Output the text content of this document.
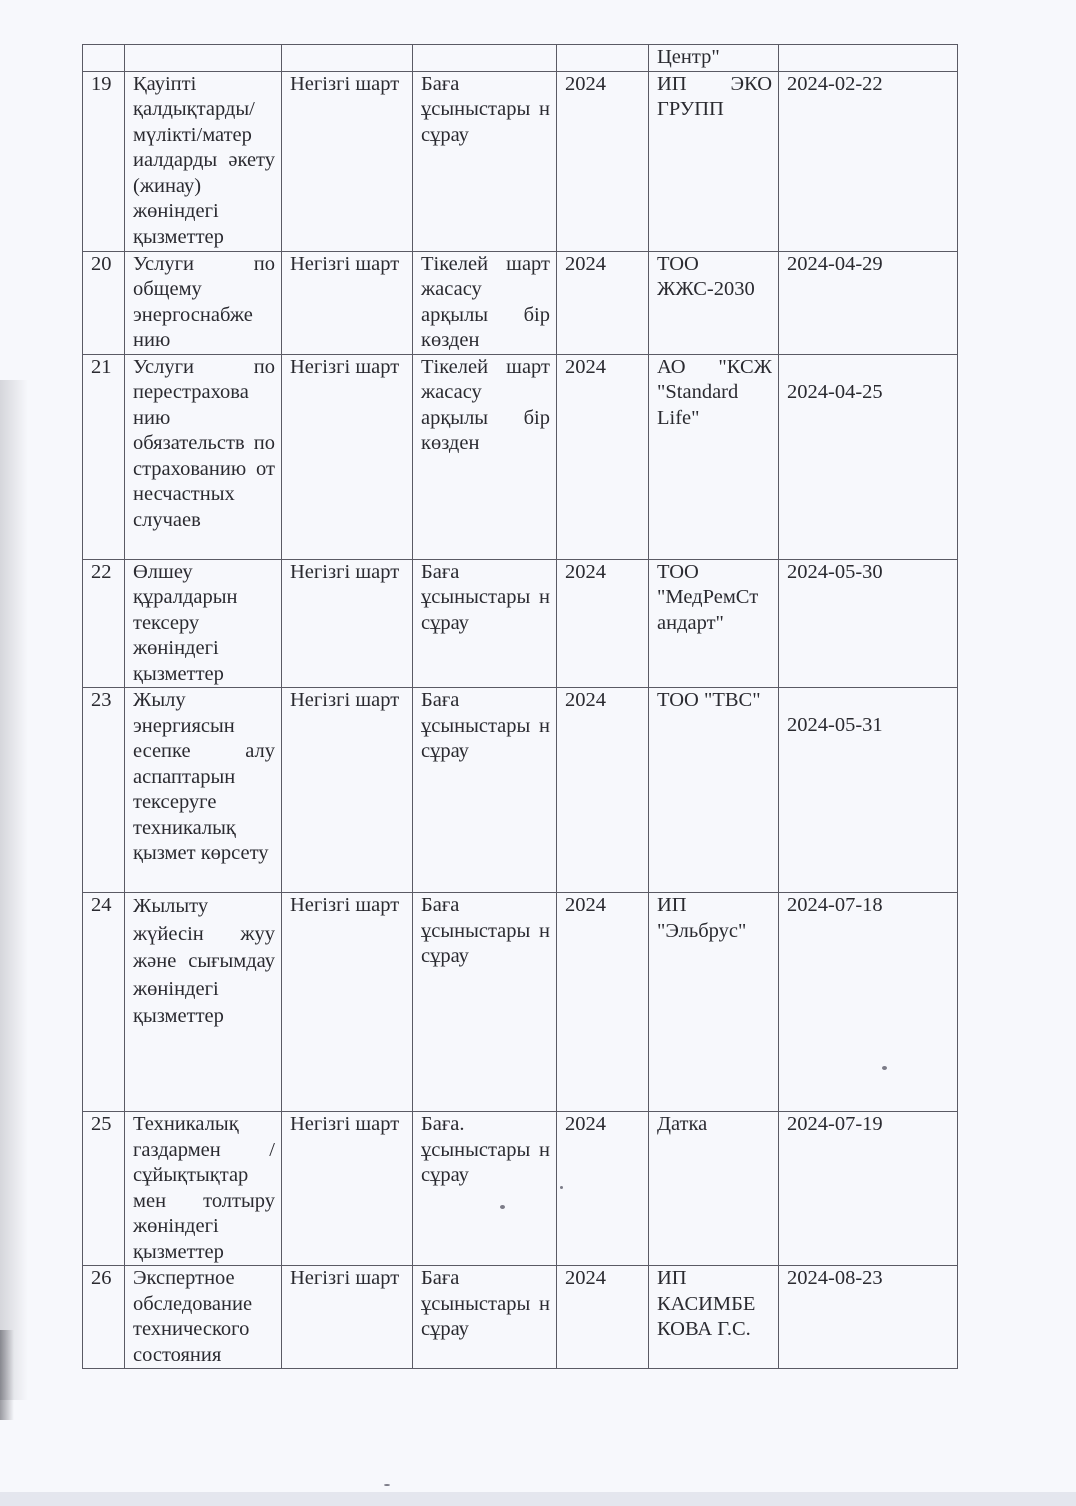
					Центр"	
19	Қауіпті қалдықтарды/ мүлікті/матер иалдарды әкету (жинау) жөніндегі қызметтер	Негізгі шарт	Баға ұсыныстары н сұрау	2024	ИП ЭКО ГРУПП	2024-02-22
20	Услуги по общему энергоснабже нию	Негізгі шарт	Тікелей шарт жасасу арқылы бір көзден	2024	ТОО ЖЖС-2030	2024-04-29
21	Услуги по перестрахова нию обязательств по страхованию от несчастных случаев	Негізгі шарт	Тікелей шарт жасасу арқылы бір көзден	2024	АО "КСЖ "Standard Life"	2024-04-25

22	Өлшеу құралдарын тексеру жөніндегі қызметтер	Негізгі шарт	Баға ұсыныстары н сұрау	2024	ТОО "МедРемСт андарт"	2024-05-30
23	Жылу энергиясын есепке алу аспаптарын тексеруге техникалық қызмет көрсету	Негізгі шарт	Баға ұсыныстары н сұрау	2024	ТОО "ТВС"	2024-05-31

24	Жылыту жүйесін жуу және сығымдау жөніндегі қызметтер	Негізгі шарт	Баға ұсыныстары н сұрау	2024	ИП "Эльбрус"	2024-07-18
25	Техникалық газдармен / сұйықтықтар мен толтыру жөніндегі қызметтер	Негізгі шарт	Баға. ұсыныстары н сұрау	2024	Датка	2024-07-19
26	Экспертное обследование технического состояния	Негізгі шарт	Баға ұсыныстары н сұрау	2024	ИП КАСИМБЕ КОВА Г.С.	2024-08-23
